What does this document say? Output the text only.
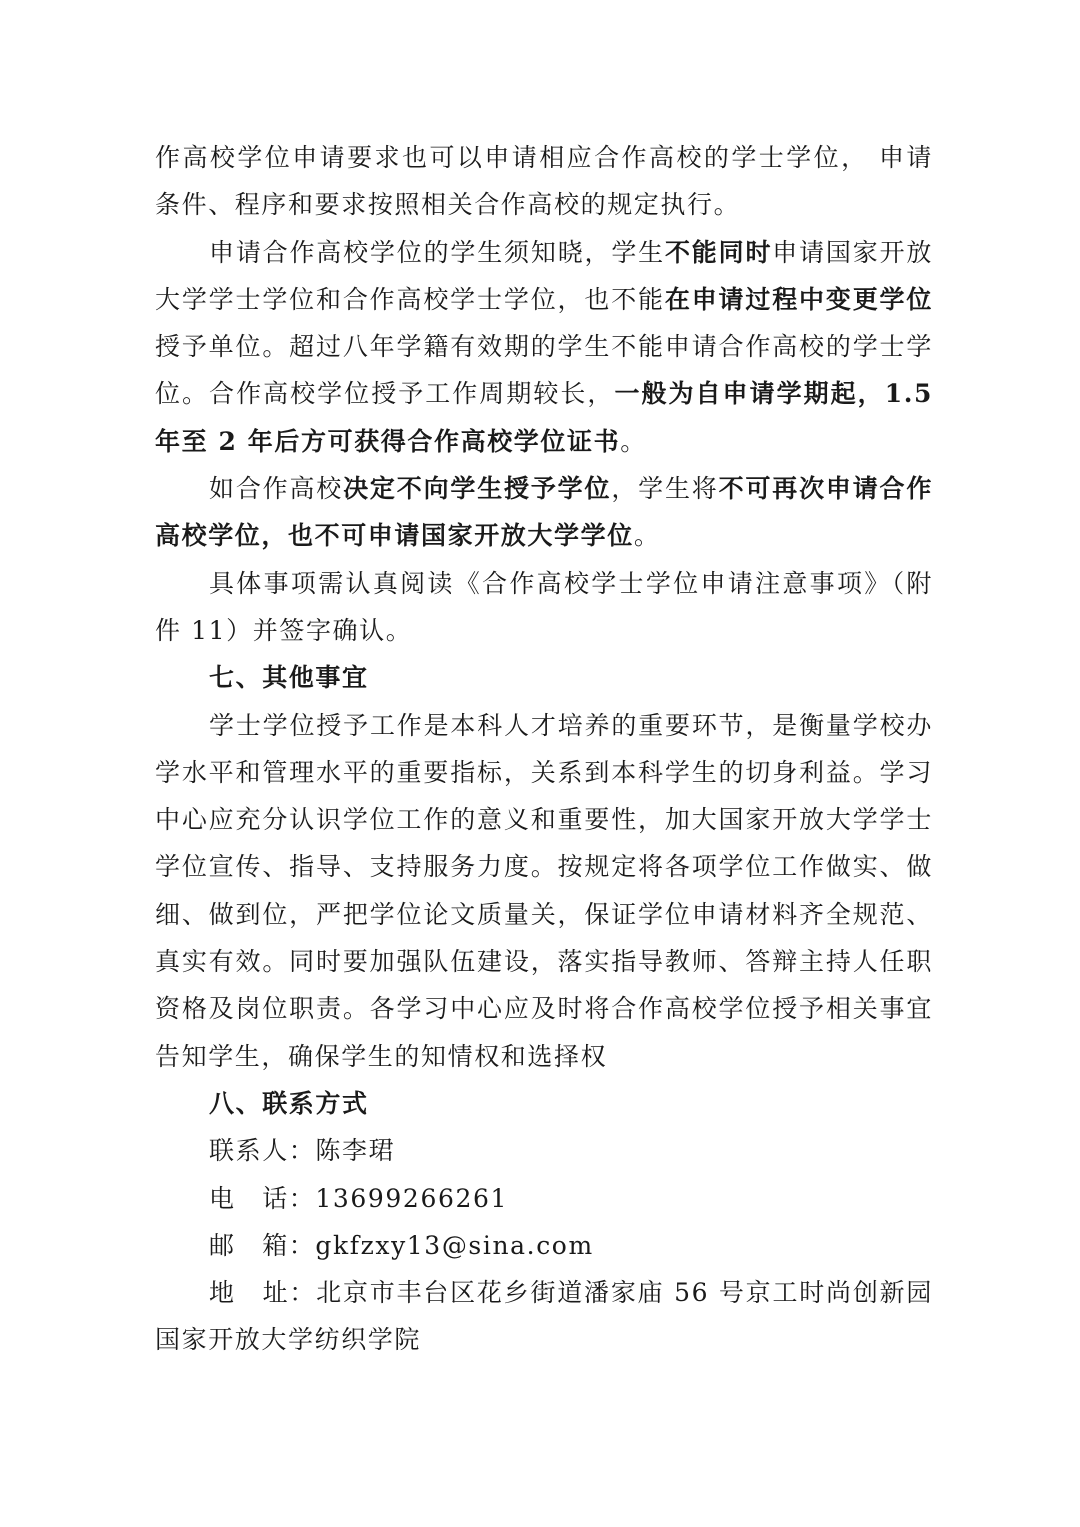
作高校学位申请要求也可以申请相应合作高校的学士学位， 申请条件、程序和要求按照相关合作高校的规定执行。

申请合作高校学位的学生须知晓，学生不能同时申请国家开放大学学士学位和合作高校学士学位，也不能在申请过程中变更学位授予单位。超过八年学籍有效期的学生不能申请合作高校的学士学位。合作高校学位授予工作周期较长，一般为自申请学期起，1.5 年至 2 年后方可获得合作高校学位证书。

如合作高校决定不向学生授予学位，学生将不可再次申请合作高校学位，也不可申请国家开放大学学位。

具体事项需认真阅读《合作高校学士学位申请注意事项》（附件 11）并签字确认。

七、其他事宜

学士学位授予工作是本科人才培养的重要环节，是衡量学校办学水平和管理水平的重要指标，关系到本科学生的切身利益。学习中心应充分认识学位工作的意义和重要性，加大国家开放大学学士学位宣传、指导、支持服务力度。按规定将各项学位工作做实、做细、做到位，严把学位论文质量关，保证学位申请材料齐全规范、真实有效。同时要加强队伍建设，落实指导教师、答辩主持人任职资格及岗位职责。各学习中心应及时将合作高校学位授予相关事宜告知学生，确保学生的知情权和选择权

八、联系方式

联系人：陈李珺

电　话：13699266261

邮　箱：gkfzxy13@sina.com

地　址：北京市丰台区花乡街道潘家庙 56 号京工时尚创新园国家开放大学纺织学院
